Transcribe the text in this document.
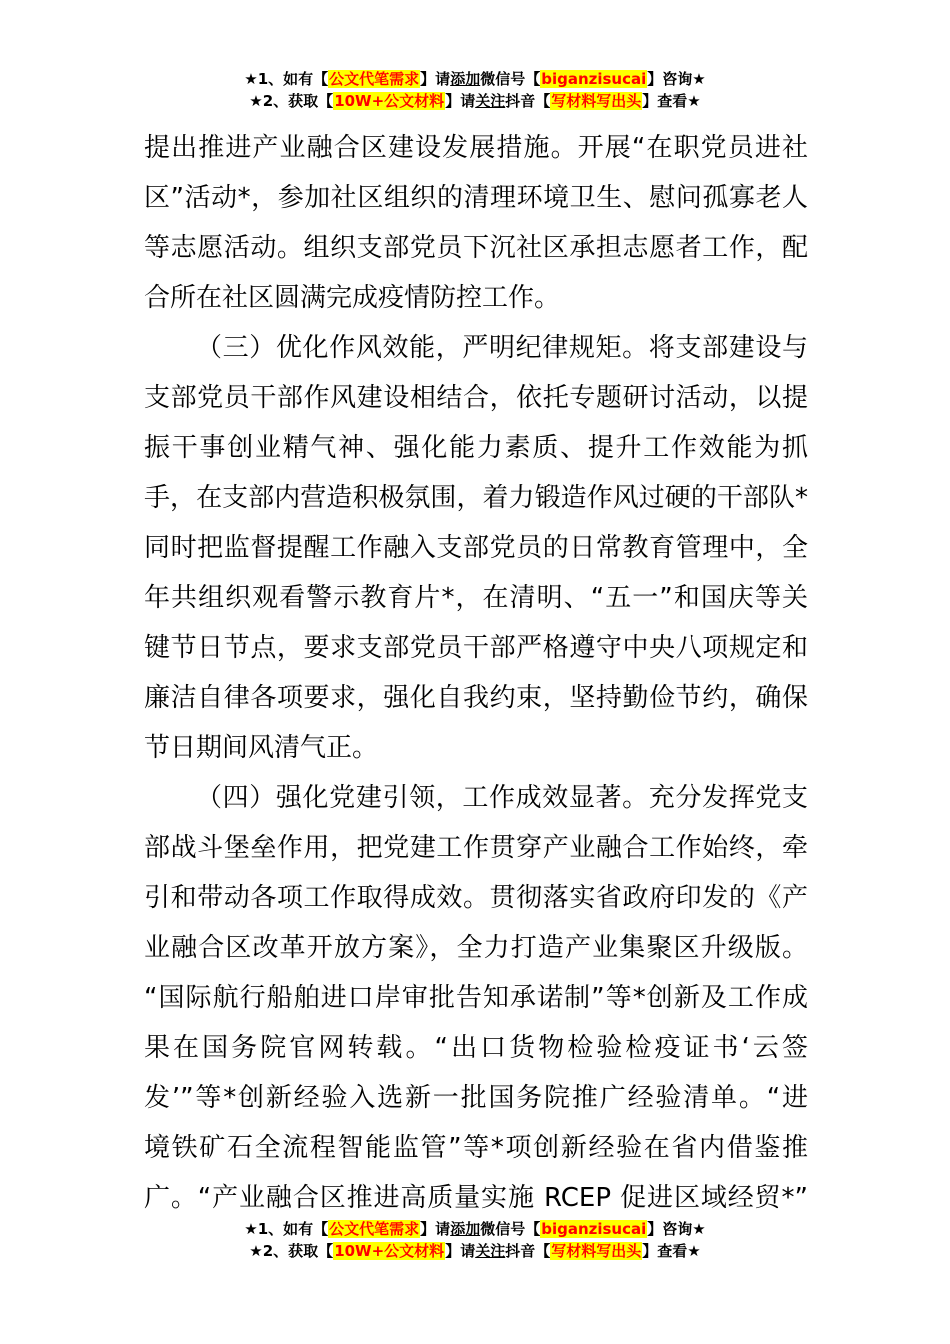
★1、如有【公文代笔需求】请添加微信号【biganzisucai】咨询★
★2、获取【10W+公文材料】请关注抖音【写材料写出头】查看★
提出推进产业融合区建设发展措施。开展“在职党员进社
区”活动*，参加社区组织的清理环境卫生、慰问孤寡老人
等志愿活动。组织支部党员下沉社区承担志愿者工作，配
合所在社区圆满完成疫情防控工作。
（三）优化作风效能，严明纪律规矩。将支部建设与
支部党员干部作风建设相结合，依托专题研讨活动，以提
振干事创业精气神、强化能力素质、提升工作效能为抓
手，在支部内营造积极氛围，着力锻造作风过硬的干部队*
同时把监督提醒工作融入支部党员的日常教育管理中，全
年共组织观看警示教育片*，在清明、“五一”和国庆等关
键节日节点，要求支部党员干部严格遵守中央八项规定和
廉洁自律各项要求，强化自我约束，坚持勤俭节约，确保
节日期间风清气正。
（四）强化党建引领，工作成效显著。充分发挥党支
部战斗堡垒作用，把党建工作贯穿产业融合工作始终，牵
引和带动各项工作取得成效。贯彻落实省政府印发的《产
业融合区改革开放方案》，全力打造产业集聚区升级版。
“国际航行船舶进口岸审批告知承诺制”等*创新及工作成
果在国务院官网转载。“出口货物检验检疫证书‘云签
发’”等*创新经验入选新一批国务院推广经验清单。“进
境铁矿石全流程智能监管”等*项创新经验在省内借鉴推
广。“产业融合区推进高质量实施 RCEP 促进区域经贸*”
★1、如有【公文代笔需求】请添加微信号【biganzisucai】咨询★
★2、获取【10W+公文材料】请关注抖音【写材料写出头】查看★
